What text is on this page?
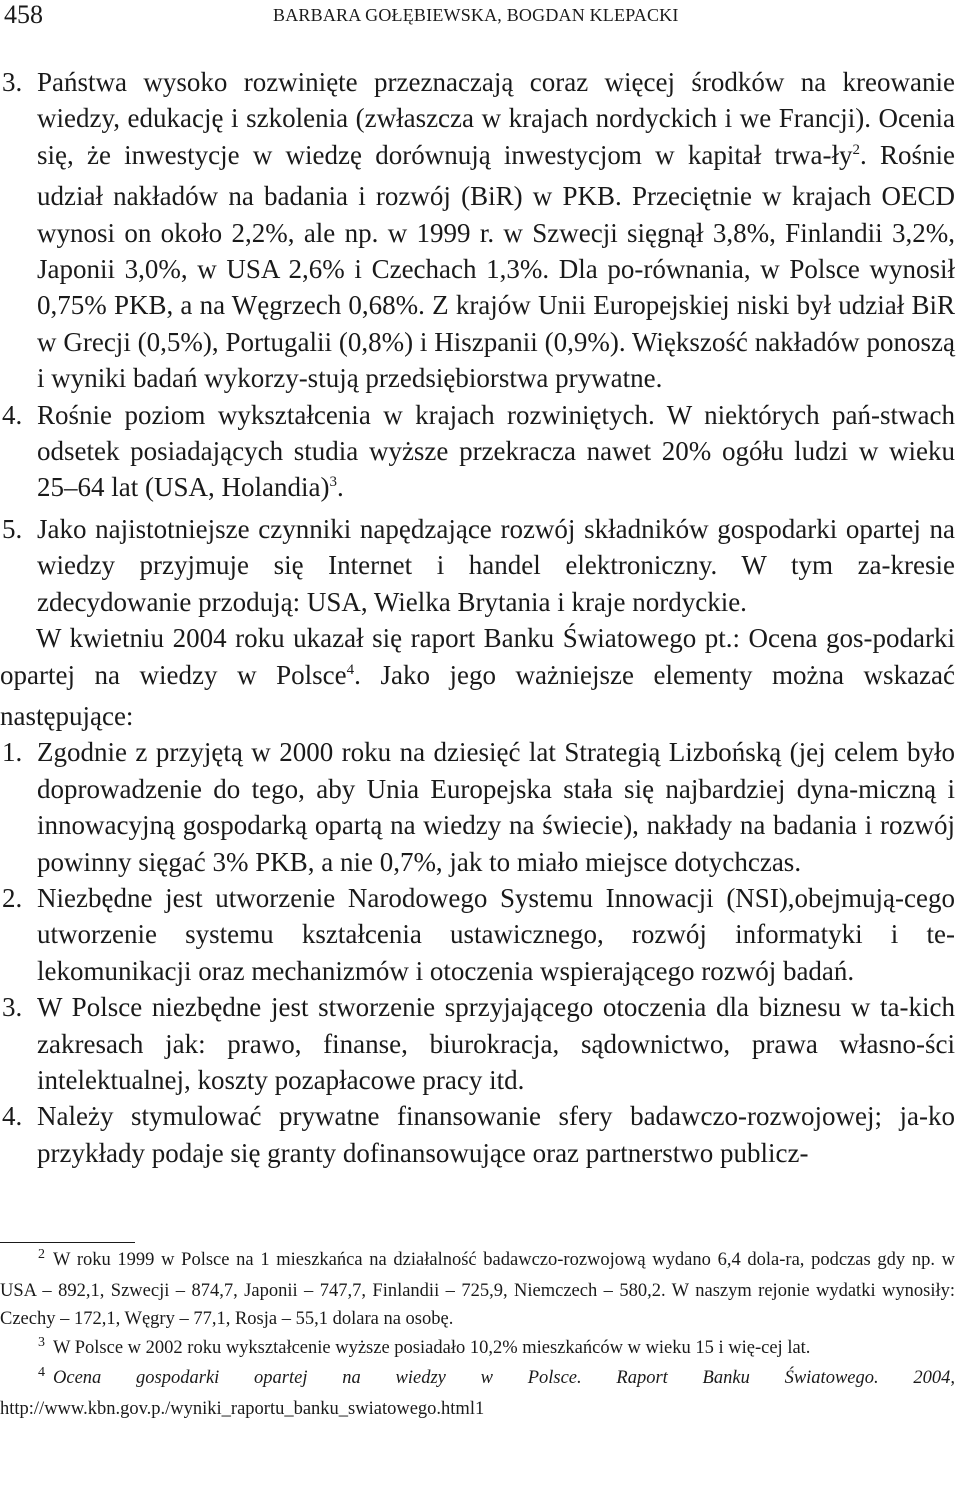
458	BARBARA GOŁĘBIEWSKA, BOGDAN KLEPACKI

3. Państwa wysoko rozwinięte przeznaczają coraz więcej środków na kreowanie wiedzy, edukację i szkolenia (zwłaszcza w krajach nordyckich i we Francji). Ocenia się, że inwestycje w wiedzę dorównują inwestycjom w kapitał trwa-$ły^2$. Rośnie udział nakładów na badania i rozwój (BiR) w PKB. Przeciętnie w krajach OECD wynosi on około 2,2%, ale np. w 1999 r. w Szwecji sięgnął 3,8%, Finlandii 3,2%, Japonii 3,0%, w USA 2,6% i Czechach 1,3%. Dla po-równania, w Polsce wynosił 0,75% PKB, a na Węgrzech 0,68%. Z krajów Unii Europejskiej niski był udział BiR w Grecji (0,5%), Portugalii (0,8%) i Hiszpanii (0,9%). Większość nakładów ponoszą i wyniki badań wykorzy-stują przedsiębiorstwa prywatne.

4. Rośnie poziom wykształcenia w krajach rozwiniętych. W niektórych pań-stwach odsetek posiadających studia wyższe przekracza nawet 20% ogółu ludzi w wieku 25–64 lat (USA, Holandia)$^3$.

5. Jako najistotniejsze czynniki napędzające rozwój składników gospodarki opartej na wiedzy przyjmuje się Internet i handel elektroniczny. W tym za-kresie zdecydowanie przodują: USA, Wielka Brytania i kraje nordyckie.

W kwietniu 2004 roku ukazał się raport Banku Światowego pt.: Ocena gos-podarki opartej na wiedzy w Polsce$^4$. Jako jego ważniejsze elementy można wskazać następujące:

1. Zgodnie z przyjętą w 2000 roku na dziesięć lat Strategią Lizbońską (jej celem było doprowadzenie do tego, aby Unia Europejska stała się najbardziej dyna-miczną i innowacyjną gospodarką opartą na wiedzy na świecie), nakłady na badania i rozwój powinny sięgać 3% PKB, a nie 0,7%, jak to miało miejsce dotychczas.

2. Niezbędne jest utworzenie Narodowego Systemu Innowacji (NSI),obejmują-cego utworzenie systemu kształcenia ustawicznego, rozwój informatyki i te-lekomunikacji oraz mechanizmów i otoczenia wspierającego rozwój badań.

3. W Polsce niezbędne jest stworzenie sprzyjającego otoczenia dla biznesu w ta-kich zakresach jak: prawo, finanse, biurokracja, sądownictwo, prawa własno-ści intelektualnej, koszty pozapłacowe pracy itd.

4. Należy stymulować prywatne finansowanie sfery badawczo-rozwojowej; ja-ko przykłady podaje się granty dofinansowujące oraz partnerstwo publicz-

$^2$ W roku 1999 w Polsce na 1 mieszkańca na działalność badawczo-rozwojową wydano 6,4 dola-ra, podczas gdy np. w USA – 892,1, Szwecji – 874,7, Japonii – 747,7, Finlandii – 725,9, Niemczech – 580,2. W naszym rejonie wydatki wynosiły: Czechy – 172,1, Węgry – 77,1, Rosja – 55,1 dolara na osobę.

$^3$ W Polsce w 2002 roku wykształcenie wyższe posiadało 10,2% mieszkańców w wieku 15 i wię-cej lat.

$^4$ Ocena gospodarki opartej na wiedzy w Polsce. Raport Banku Światowego. 2004, http://www.kbn.gov.p./wyniki_raportu_banku_swiatowego.html1
